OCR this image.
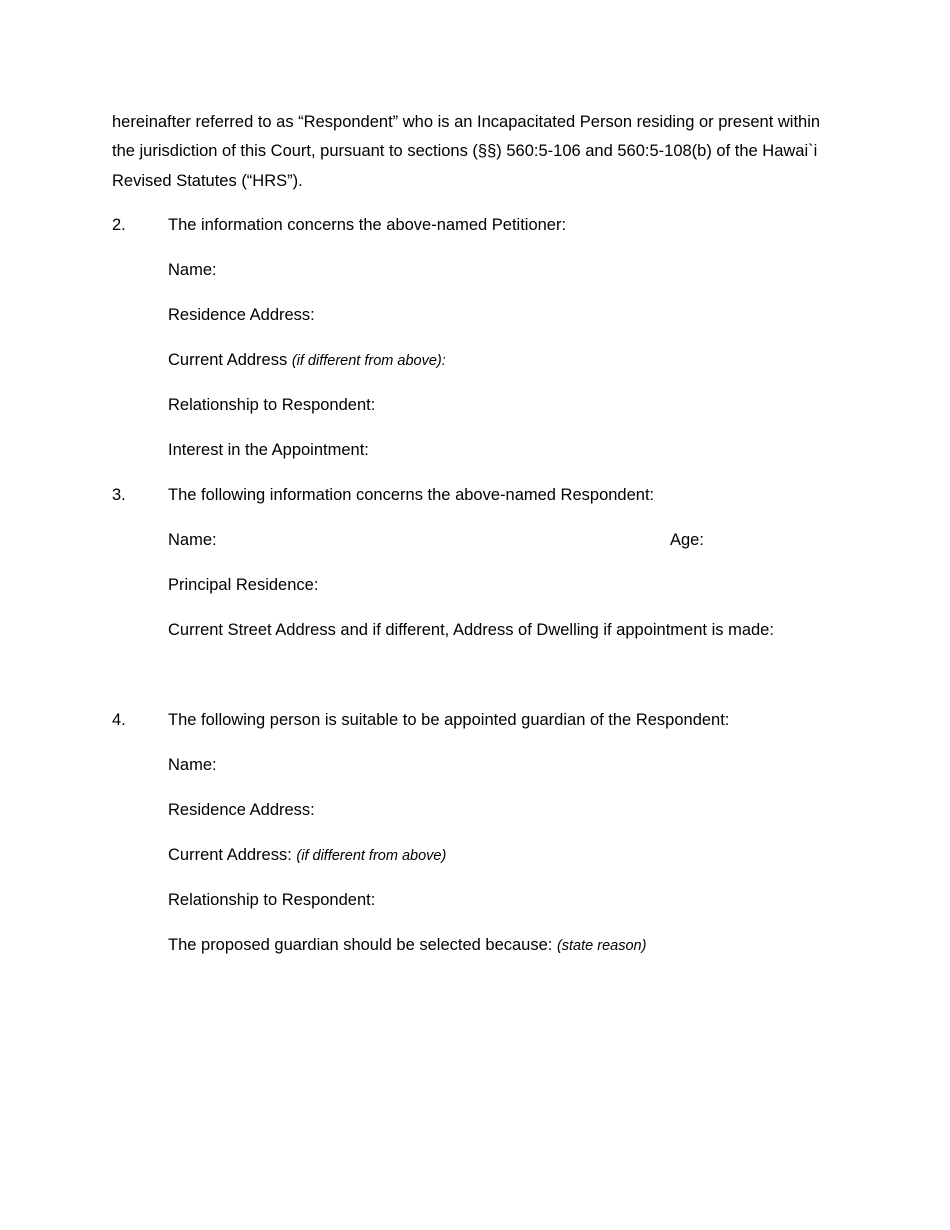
hereinafter referred to as “Respondent” who is an Incapacitated Person residing or present within
the jurisdiction of this Court, pursuant to sections (§§) 560:5-106 and 560:5-108(b) of the Hawai`i
Revised Statutes (“HRS”).
2.	The information concerns the above-named Petitioner:
Name:
Residence Address:
Current Address (if different from above):
Relationship to Respondent:
Interest in the Appointment:
3.	The following information concerns the above-named Respondent:
Name:	Age:
Principal Residence:
Current Street Address and if different, Address of Dwelling if appointment is made:
4.	The following person is suitable to be appointed guardian of the Respondent:
Name:
Residence Address:
Current Address: (if different from above)
Relationship to Respondent:
The proposed guardian should be selected because: (state reason)
